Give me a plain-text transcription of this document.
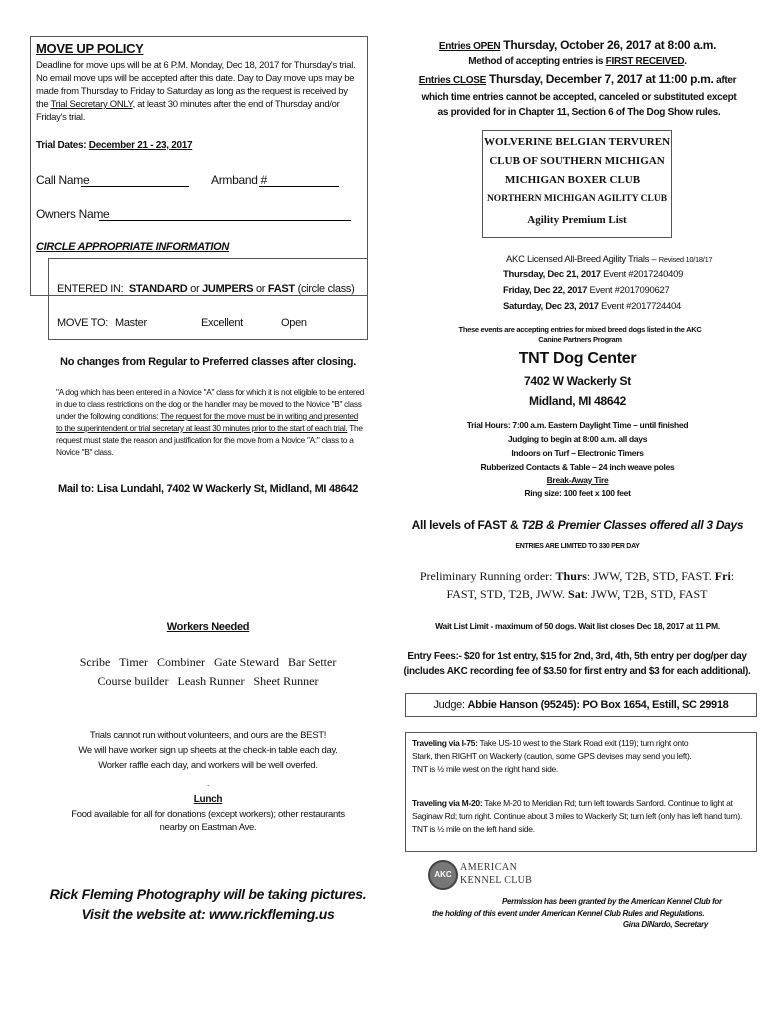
MOVE UP POLICY
Deadline for move ups will be at 6 P.M. Monday, Dec 18, 2017 for Thursday's trial. No email move ups will be accepted after this date. Day to Day move ups may be made from Thursday to Friday to Saturday as long as the request is received by the Trial Secretary ONLY, at least 30 minutes after the end of Thursday and/or Friday's trial.
Trial Dates: December 21 - 23, 2017
Call Name	Armband #
Owners Name
CIRCLE APPROPRIATE INFORMATION
ENTERED IN: STANDARD or JUMPERS or FAST (circle class)
MOVE TO: Master	Excellent	Open
No changes from Regular to Preferred classes after closing.
"A dog which has been entered in a Novice "A" class for which it is not eligible to be entered in due to class restrictions on the dog or the handler may be moved to the Novice "B" class under the following conditions: The request for the move must be in writing and presented to the superintendent or trial secretary at least 30 minutes prior to the start of each trial. The request must state the reason and justification for the move from a Novice "A:" class to a Novice "B" class.
Mail to: Lisa Lundahl, 7402 W Wackerly St, Midland, MI 48642
Workers Needed
Scribe   Timer   Combiner   Gate Steward   Bar Setter
Course builder   Leash Runner   Sheet Runner
Trials cannot run without volunteers, and ours are the BEST!
We will have worker sign up sheets at the check-in table each day.
Worker raffle each day, and workers will be well overfed.
.
Lunch
Food available for all for donations (except workers); other restaurants nearby on Eastman Ave.
Rick Fleming Photography will be taking pictures.
Visit the website at: www.rickfleming.us
Entries OPEN Thursday, October 26, 2017 at 8:00 a.m.
Method of accepting entries is FIRST RECEIVED.
Entries CLOSE Thursday, December 7, 2017 at 11:00 p.m. after
which time entries cannot be accepted, canceled or substituted except as provided for in Chapter 11, Section 6 of The Dog Show rules.
WOLVERINE BELGIAN TERVUREN
CLUB OF SOUTHERN MICHIGAN
MICHIGAN BOXER CLUB
NORTHERN MICHIGAN AGILITY CLUB
Agility Premium List
AKC Licensed All-Breed Agility Trials – Revised 10/18/17
Thursday, Dec 21, 2017 Event #2017240409
Friday, Dec 22, 2017 Event #2017090627
Saturday, Dec 23, 2017 Event #2017724404
These events are accepting entries for mixed breed dogs listed in the AKC Canine Partners Program
TNT Dog Center
7402 W Wackerly St
Midland, MI 48642
Trial Hours: 7:00 a.m. Eastern Daylight Time – until finished
Judging to begin at 8:00 a.m. all days
Indoors on Turf – Electronic Timers
Rubberized Contacts & Table – 24 inch weave poles
Break-Away Tire
Ring size: 100 feet x 100 feet
All levels of FAST & T2B & Premier Classes offered all 3 Days
ENTRIES ARE LIMITED TO 330 PER DAY
Preliminary Running order: Thurs: JWW, T2B, STD, FAST. Fri: FAST, STD, T2B, JWW. Sat: JWW, T2B, STD, FAST
Wait List Limit - maximum of 50 dogs. Wait list closes Dec 18, 2017 at 11 PM.
Entry Fees:- $20 for 1st entry, $15 for 2nd, 3rd, 4th, 5th entry per dog/per day (includes AKC recording fee of $3.50 for first entry and $3 for each additional).
Judge: Abbie Hanson (95245): PO Box 1654, Estill, SC 29918
Traveling via I-75: Take US-10 west to the Stark Road exit (119); turn right onto Stark, then RIGHT on Wackerly (caution, some GPS devises may send you left). TNT is ½ mile west on the right hand side.
Traveling via M-20: Take M-20 to Meridian Rd; turn left towards Sanford. Continue to light at Saginaw Rd; turn right. Continue about 3 miles to Wackerly St; turn left (only has left hand turn). TNT is ½ mile on the left hand side.
AKC
AMERICAN
KENNEL CLUB
Permission has been granted by the American Kennel Club for the holding of this event under American Kennel Club Rules and Regulations.
Gina DiNardo, Secretary
